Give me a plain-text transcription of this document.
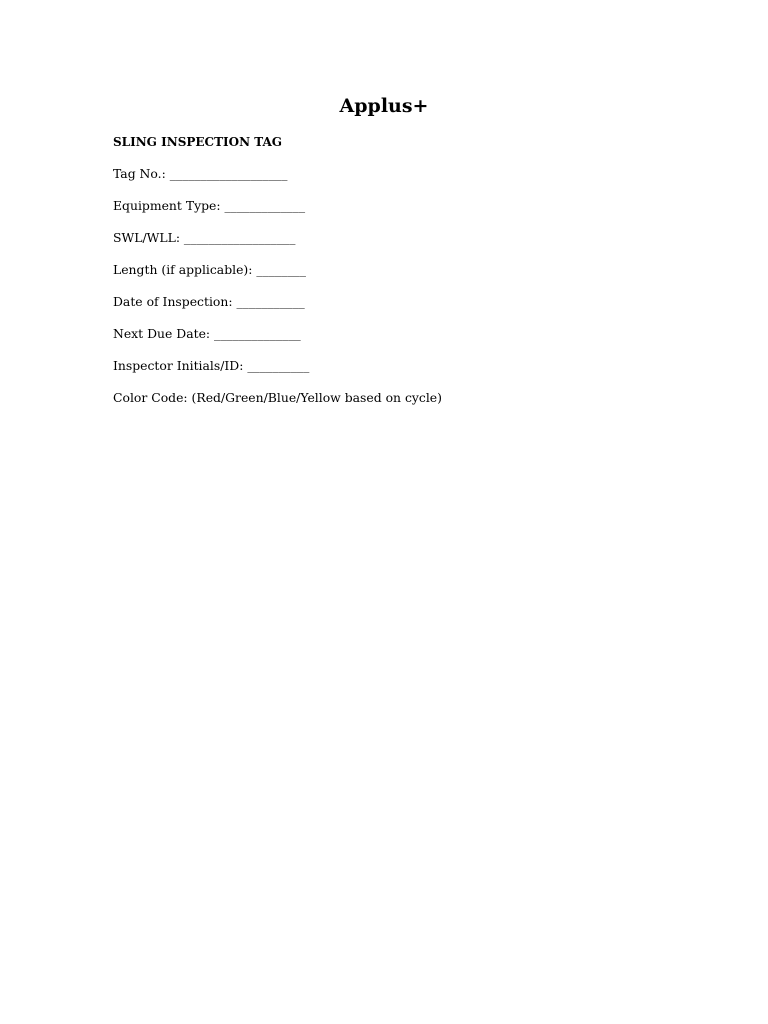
Applus+
SLING INSPECTION TAG

Tag No.: ___________________

Equipment Type: _____________

SWL/WLL: __________________

Length (if applicable): ________

Date of Inspection: ___________

Next Due Date: ______________

Inspector Initials/ID: __________

Color Code: (Red/Green/Blue/Yellow based on cycle)
